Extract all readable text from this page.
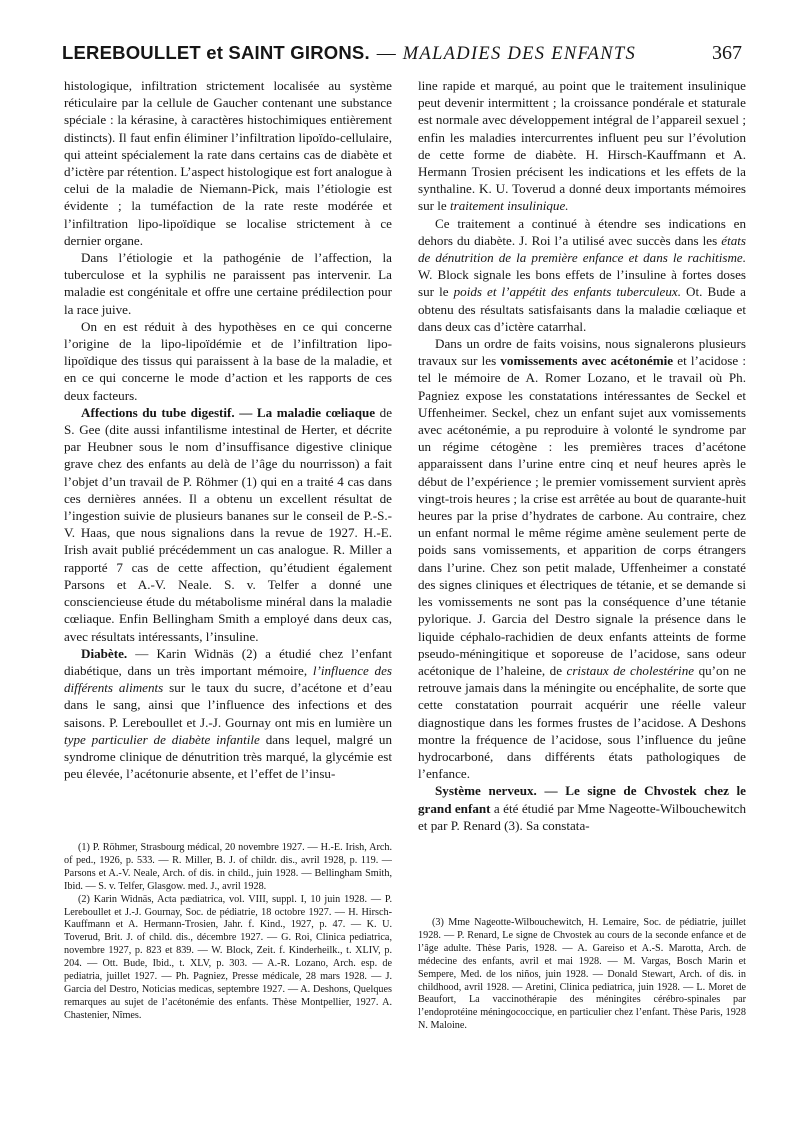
LEREBOULLET et SAINT GIRONS. — MALADIES DES ENFANTS	367

histologique, infiltration strictement localisée au système réticulaire par la cellule de Gaucher contenant une substance spéciale : la kérasine, à caractères histochimiques entièrement distincts). Il faut enfin éliminer l’infiltration lipoïdo-cellulaire, qui atteint spécialement la rate dans certains cas de diabète et d’ictère par rétention. L’aspect histologique est fort analogue à celui de la maladie de Niemann-Pick, mais l’étiologie est évidente ; la tuméfaction de la rate reste modérée et l’infiltration lipo-lipoïdique se localise strictement à ce dernier organe.

Dans l’étiologie et la pathogénie de l’affection, la tuberculose et la syphilis ne paraissent pas intervenir. La maladie est congénitale et offre une certaine prédilection pour la race juive.

On en est réduit à des hypothèses en ce qui concerne l’origine de la lipo-lipoïdémie et de l’infiltration lipo-lipoïdique des tissus qui paraissent à la base de la maladie, et en ce qui concerne le mode d’action et les rapports de ces deux facteurs.

Affections du tube digestif. — La maladie cœliaque de S. Gee (dite aussi infantilisme intestinal de Herter, et décrite par Heubner sous le nom d’insuffisance digestive clinique grave chez des enfants au delà de l’âge du nourrisson) a fait l’objet d’un travail de P. Röhmer (1) qui en a traité 4 cas dans ces dernières années. Il a obtenu un excellent résultat de l’ingestion suivie de plusieurs bananes sur le conseil de P.-S.-V. Haas, que nous signalions dans la revue de 1927. H.-E. Irish avait publié précédemment un cas analogue. R. Miller a rapporté 7 cas de cette affection, qu’étudient également Parsons et A.-V. Neale. S. v. Telfer a donné une consciencieuse étude du métabolisme minéral dans la maladie cœliaque. Enfin Bellingham Smith a employé dans deux cas, avec résultats intéressants, l’insuline.

Diabète. — Karin Widnäs (2) a étudié chez l’enfant diabétique, dans un très important mémoire, l’influence des différents aliments sur le taux du sucre, d’acétone et d’eau dans le sang, ainsi que l’influence des infections et des saisons. P. Lereboullet et J.-J. Gournay ont mis en lumière un type particulier de diabète infantile dans lequel, malgré un syndrome clinique de dénutrition très marqué, la glycémie est peu élevée, l’acétonurie absente, et l’effet de l’insu-

line rapide et marqué, au point que le traitement insulinique peut devenir intermittent ; la croissance pondérale et staturale est normale avec développement intégral de l’appareil sexuel ; enfin les maladies intercurrentes influent peu sur l’évolution de cette forme de diabète. H. Hirsch-Kauffmann et A. Hermann Trosien précisent les indications et les effets de la synthaline. K. U. Toverud a donné deux importants mémoires sur le traitement insulinique.

Ce traitement a continué à étendre ses indications en dehors du diabète. J. Roi l’a utilisé avec succès dans les états de dénutrition de la première enfance et dans le rachitisme. W. Block signale les bons effets de l’insuline à fortes doses sur le poids et l’appétit des enfants tuberculeux. Ot. Bude a obtenu des résultats satisfaisants dans la maladie cœliaque et dans deux cas d’ictère catarrhal.

Dans un ordre de faits voisins, nous signalerons plusieurs travaux sur les vomissements avec acétonémie et l’acidose : tel le mémoire de A. Romer Lozano, et le travail où Ph. Pagniez expose les constatations intéressantes de Seckel et Uffenheimer. Seckel, chez un enfant sujet aux vomissements avec acétonémie, a pu reproduire à volonté le syndrome par un régime cétogène : les premières traces d’acétone apparaissent dans l’urine entre cinq et neuf heures après le début de l’expérience ; le premier vomissement survient après vingt-trois heures ; la crise est arrêtée au bout de quarante-huit heures par la prise d’hydrates de carbone. Au contraire, chez un enfant normal le même régime amène seulement perte de poids sans vomissements, et apparition de corps étrangers dans l’urine. Chez son petit malade, Uffenheimer a constaté des signes cliniques et électriques de tétanie, et se demande si les vomissements ne sont pas la conséquence d’une tétanie pylorique. J. Garcia del Destro signale la présence dans le liquide céphalo-rachidien de deux enfants atteints de forme pseudo-méningitique et soporeuse de l’acidose, sans odeur acétonique de l’haleine, de cristaux de cholestérine qu’on ne retrouve jamais dans la méningite ou encéphalite, de sorte que cette constatation pourrait acquérir une réelle valeur diagnostique dans les formes frustes de l’acidose. A Deshons montre la fréquence de l’acidose, sous l’influence du jeûne hydrocarboné, dans différents états pathologiques de l’enfance.

Système nerveux. — Le signe de Chvostek chez le grand enfant a été étudié par Mme Nageotte-Wilbouchewitch et par P. Renard (3). Sa constata-

(1) P. Röhmer, Strasbourg médical, 20 novembre 1927. — H.-E. Irish, Arch. of ped., 1926, p. 533. — R. Miller, B. J. of childr. dis., avril 1928, p. 119. — Parsons et A.-V. Neale, Arch. of dis. in child., juin 1928. — Bellingham Smith, Ibid. — S. v. Telfer, Glasgow. med. J., avril 1928.

(2) Karin Widnäs, Acta pædiatrica, vol. VIII, suppl. I, 10 juin 1928. — P. Lereboullet et J.-J. Gournay, Soc. de pédiatrie, 18 octobre 1927. — H. Hirsch-Kauffmann et A. Hermann-Trosien, Jahr. f. Kind., 1927, p. 47. — K. U. Toverud, Brit. J. of child. dis., décembre 1927. — G. Roi, Clinica pediatrica, novembre 1927, p. 823 et 839. — W. Block, Zeit. f. Kinderheilk., t. XLIV, p. 204. — Ott. Bude, Ibid., t. XLV, p. 303. — A.-R. Lozano, Arch. esp. de pediatria, juillet 1927. — Ph. Pagniez, Presse médicale, 28 mars 1928. — J. Garcia del Destro, Noticias medicas, septembre 1927. — A. Deshons, Quelques remarques au sujet de l’acétonémie des enfants. Thèse Montpellier, 1927. A. Chastenier, Nîmes.

(3) Mme Nageotte-Wilbouchewitch, H. Lemaire, Soc. de pédiatrie, juillet 1928. — P. Renard, Le signe de Chvostek au cours de la seconde enfance et de l’âge adulte. Thèse Paris, 1928. — A. Gareiso et A.-S. Marotta, Arch. de médecine des enfants, avril et mai 1928. — M. Vargas, Bosch Marin et Semperе, Med. de los niños, juin 1928. — Donald Stewart, Arch. of dis. in childhood, avril 1928. — Aretini, Clinica pediatrica, juin 1928. — L. Moret de Beaufort, La vaccinothérapie des méningites cérébro-spinales par l’endoprotéine méningococcique, en particulier chez l’enfant. Thèse Paris, 1928 N. Maloine.
